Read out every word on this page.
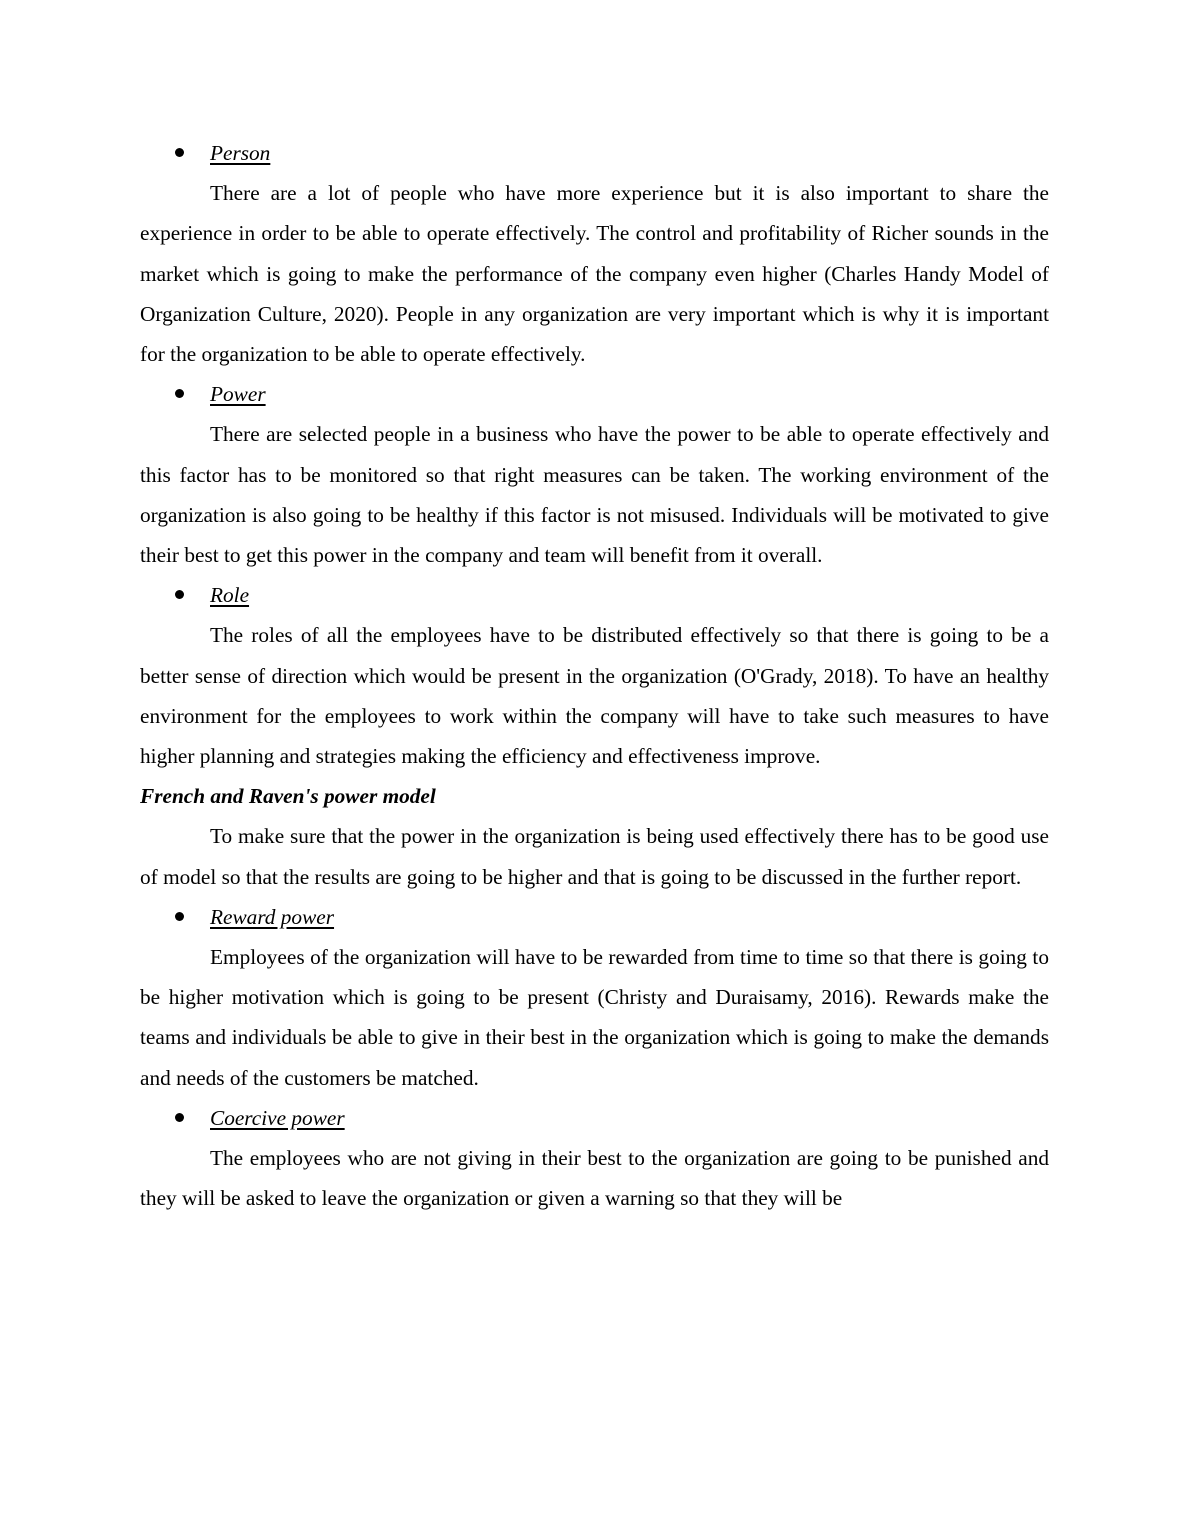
Person

There are a lot of people who have more experience but it is also important to share the experience in order to be able to operate effectively. The control and profitability of Richer sounds in the market which is going to make the performance of the company even higher (Charles Handy Model of Organization Culture, 2020). People in any organization are very important which is why it is important for the organization to be able to operate effectively.

Power

There are selected people in a business who have the power to be able to operate effectively and this factor has to be monitored so that right measures can be taken. The working environment of the organization is also going to be healthy if this factor is not misused. Individuals will be motivated to give their best to get this power in the company and team will benefit from it overall.

Role

The roles of all the employees have to be distributed effectively so that there is going to be a better sense of direction which would be present in the organization (O'Grady, 2018). To have an healthy environment for the employees to work within the company will have to take such measures to have higher planning and strategies making the efficiency and effectiveness improve.

French and Raven's power model

To make sure that the power in the organization is being used effectively there has to be good use of model so that the results are going to be higher and that is going to be discussed in the further report.

Reward power

Employees of the organization will have to be rewarded from time to time so that there is going to be higher motivation which is going to be present (Christy and Duraisamy, 2016). Rewards make the teams and individuals be able to give in their best in the organization which is going to make the demands and needs of the customers be matched.

Coercive power

The employees who are not giving in their best to the organization are going to be punished and they will be asked to leave the organization or given a warning so that they will be
